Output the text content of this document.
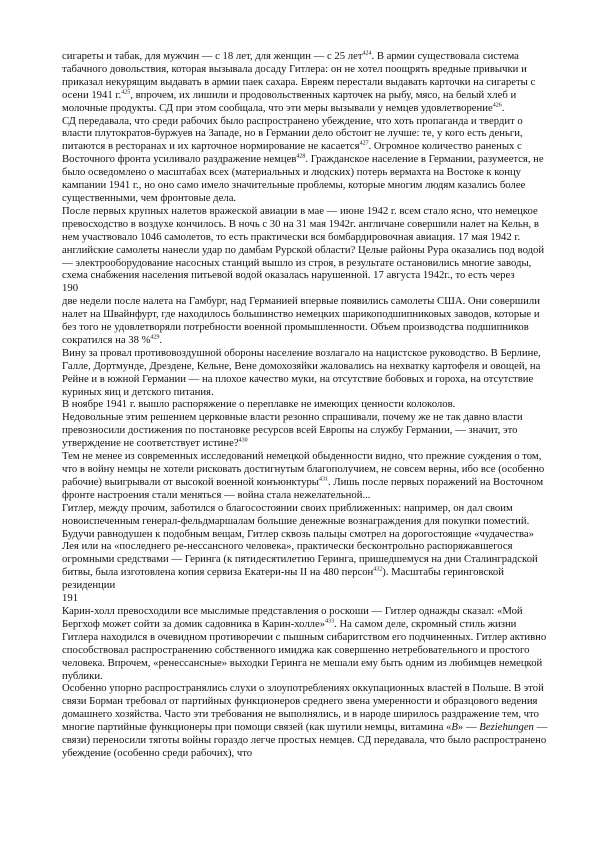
сигареты и табак, для мужчин — с 18 лет, для женщин — с 25 лет$^{424}$. В армии существовала система табачного довольствия, которая вызывала досаду Гитлера: он не хотел поощрять вредные привычки и приказал некурящим выдавать в армии паек сахара. Евреям перестали выдавать карточки на сигареты с осени 1941 г.$^{425}$, впрочем, их лишили и продовольственных карточек на рыбу, мясо, на белый хлеб и молочные продукты. СД при этом сообщала, что эти меры вызывали у немцев удовлетворение$^{426}$.

СД передавала, что среди рабочих было распространено убеждение, что хоть пропаганда и твердит о власти плутократов-буржуев на Западе, но в Германии дело обстоит не лучше: те, у кого есть деньги, питаются в ресторанах и их карточное нормирование не касается$^{427}$. Огромное количество раненых с Восточного фронта усиливало раздражение немцев$^{428}$. Гражданское население в Германии, разумеется, не было осведомлено о масштабах всех (материальных и людских) потерь вермахта на Востоке к концу кампании 1941 г., но оно само имело значительные проблемы, которые многим людям казались более существенными, чем фронтовые дела.

После первых крупных налетов вражеской авиации в мае — июне 1942 г. всем стало ясно, что немецкое превосходство в воздухе кончилось. В ночь с 30 на 31 мая 1942г. англичане совершили налет на Кельн, в нем участвовало 1046 самолетов, то есть практически вся бомбардировочная авиация. 17 мая 1942 г. английские самолеты нанесли удар по дамбам Рурской области? Целые районы Рура оказались под водой — электрооборудование насосных станций вышло из строя, в результате остановились многие заводы, схема снабжения населения питьевой водой оказалась нарушенной. 17 августа 1942г., то есть через

190

две недели после налета на Гамбург, над Германией впервые появились самолеты США. Они совершили налет на Швайнфурт, где находилось большинство немецких шарикоподшипниковых заводов, которые и без того не удовлетворяли потребности военной промышленности. Объем производства подшипников сократился на 38 %$^{429}$.

Вину за провал противовоздушной обороны население возлагало на нацистское руководство. В Берлине, Галле, Дортмунде, Дрездене, Кельне, Вене домохозяйки жаловались на нехватку картофеля и овощей, на Рейне и в южной Германии — на плохое качество муки, на отсутствие бобовых и гороха, на отсутствие куриных яиц и детского питания.

В ноябре 1941 г. вышло распоряжение о переплавке не имеющих ценности колоколов.

Недовольные этим решением церковные власти резонно спрашивали, почему же не так давно власти превозносили достижения по постановке ресурсов всей Европы на службу Германии, — значит, это утверждение не соответствует истине?$^{430}$

Тем не менее из современных исследований немецкой обыденности видно, что прежние суждения о том, что в войну немцы не хотели рисковать достигнутым благополучием, не совсем верны, ибо все (особенно рабочие) выигрывали от высокой военной конъюнктуры$^{431}$. Лишь после первых поражений на Восточном фронте настроения стали меняться — война стала нежелательной...

Гитлер, между прочим, заботился о благосостоянии своих приближенных: например, он дал своим новоиспеченным генерал-фельдмаршалам большие денежные вознаграждения для покупки поместий. Будучи равнодушен к подобным вещам, Гитлер сквозь пальцы смотрел на дорогостоящие «чудачества» Лея или на «последнего ре-нессансного человека», практически бесконтрольно распоряжавшегося огромными средствами — Геринга (к пятидесятилетию Геринга, пришедшемуся на дни Сталинградской битвы, была изготовлена копия сервиза Екатери-ны II на 480 персон$^{432}$). Масштабы геринговской резиденции

191

Карин-холл превосходили все мыслимые представления о роскоши — Гитлер однажды сказал: «Мой Бергхоф может сойти за домик садовника в Карин-холле»$^{433}$. На самом деле, скромный стиль жизни Гитлера находился в очевидном противоречии с пышным сибаритством его подчиненных. Гитлер активно способствовал распространению собственного имиджа как совершенно нетребовательного и простого человека. Впрочем, «ренессансные» выходки Геринга не мешали ему быть одним из любимцев немецкой публики.

Особенно упорно распространялись слухи о злоупотреблениях оккупационных властей в Польше. В этой связи Борман требовал от партийных функционеров среднего звена умеренности и образцового ведения домашнего хозяйства. Часто эти требования не выполнялись, и в народе ширилось раздражение тем, что многие партийные функционеры при помощи связей (как шутили немцы, витамина «В» — Beziehungen — связи) переносили тяготы войны гораздо легче простых немцев. СД передавала, что было распространено убеждение (особенно среди рабочих), что
